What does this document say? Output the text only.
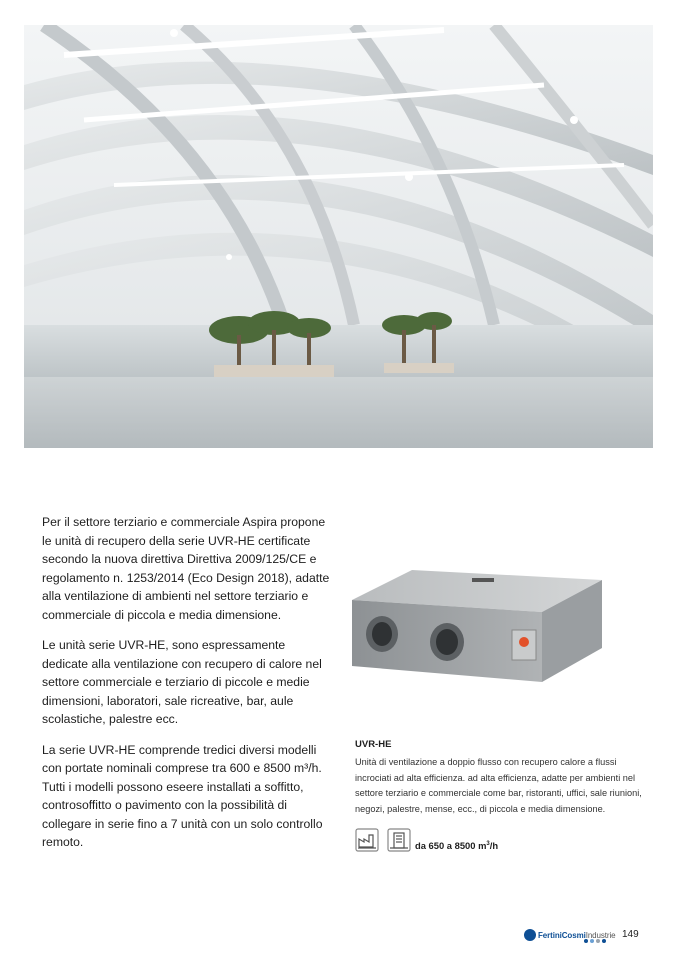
Per il settore terziario e commerciale Aspira propone le unità di recupero della serie UVR-HE certificate secondo la nuova direttiva Direttiva 2009/125/CE e regolamento n. 1253/2014 (Eco Design 2018), adatte alla ventilazione di ambienti nel settore terziario e commerciale di piccola e media dimensione.

Le unità serie UVR-HE, sono espressamente dedicate alla ventilazione con recupero di calore nel settore commerciale e terziario di piccole e medie dimensioni, laboratori, sale ricreative, bar, aule scolastiche, palestre ecc.

La serie UVR-HE comprende tredici diversi modelli con portate nominali comprese tra 600 e 8500 m³/h. Tutti i modelli possono eseere installati a soffitto, controsoffitto o pavimento con la possibilità di collegare in serie fino a 7 unità con un solo controllo remoto.

UVR-HE
Unità di ventilazione a doppio flusso con recupero calore a flussi incrociati ad alta efficienza. ad alta efficienza, adatte per ambienti nel settore terziario e commerciale come bar, ristoranti, uffici, sale riunioni, negozi, palestre, mense, ecc., di piccola e media dimensione.
da 650 a 8500 $m^3/h$
FertiniCosmiIndustrie 149
